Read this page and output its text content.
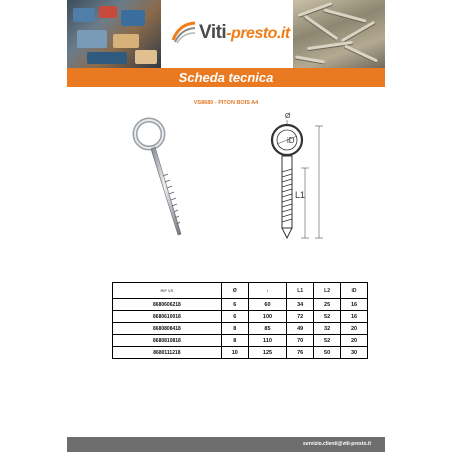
Viti-presto.it
Scheda tecnica
VS8680 - PITON BOIS A4
Ø
iD
L1
RIF VS	Ø	l	L1	L2	iD
8680606218	6	60	34	25	16
8680610018	6	100	72	52	16
8680808418	8	85	49	32	20
8680810818	8	110	70	52	20
8680111218	10	125	76	50	30
servizio.clienti@viti-presto.it
